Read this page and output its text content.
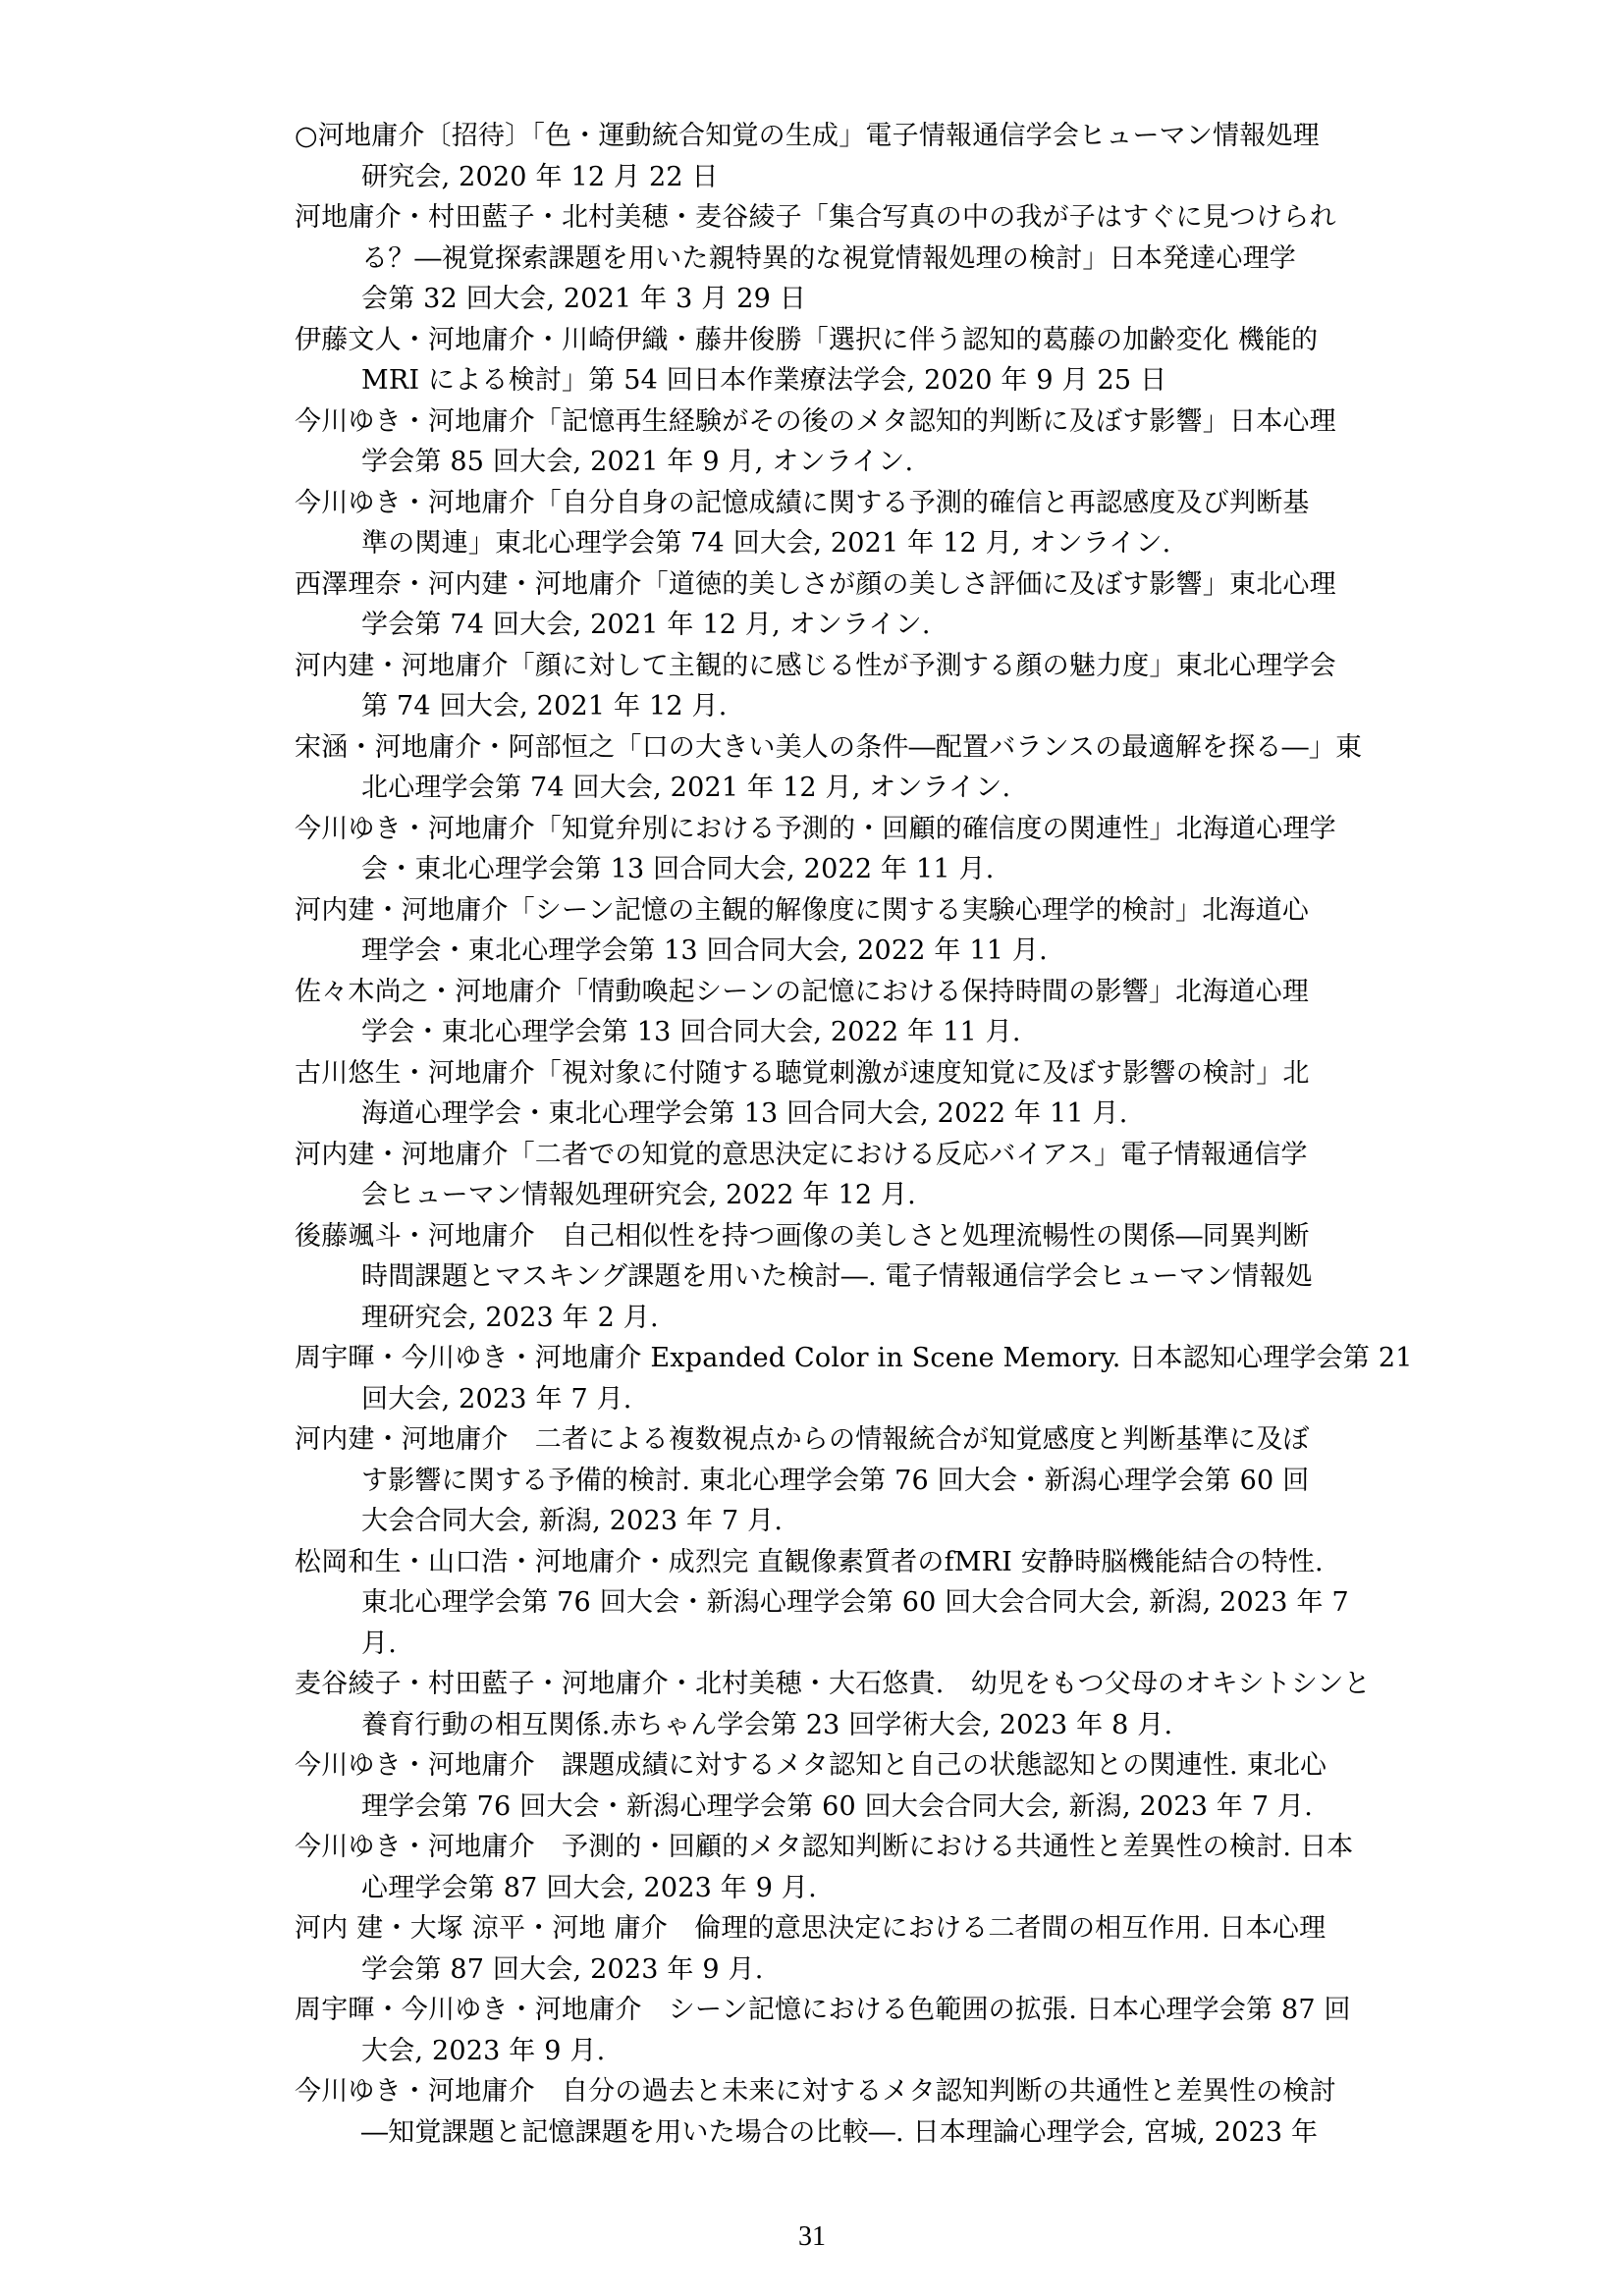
○河地庸介〔招待〕「色・運動統合知覚の生成」電子情報通信学会ヒューマン情報処理
研究会, 2020 年 12 月 22 日
河地庸介・村田藍子・北村美穂・麦谷綾子「集合写真の中の我が子はすぐに見つけられ
る？―視覚探索課題を用いた親特異的な視覚情報処理の検討」日本発達心理学
会第 32 回大会, 2021 年 3 月 29 日
伊藤文人・河地庸介・川崎伊織・藤井俊勝「選択に伴う認知的葛藤の加齢変化 機能的
MRI による検討」第 54 回日本作業療法学会, 2020 年 9 月 25 日
今川ゆき・河地庸介「記憶再生経験がその後のメタ認知的判断に及ぼす影響」日本心理
学会第 85 回大会, 2021 年 9 月, オンライン.
今川ゆき・河地庸介「自分自身の記憶成績に関する予測的確信と再認感度及び判断基
準の関連」東北心理学会第 74 回大会, 2021 年 12 月, オンライン.
西澤理奈・河内建・河地庸介「道徳的美しさが顔の美しさ評価に及ぼす影響」東北心理
学会第 74 回大会, 2021 年 12 月, オンライン.
河内建・河地庸介「顔に対して主観的に感じる性が予測する顔の魅力度」東北心理学会
第 74 回大会, 2021 年 12 月.
宋涵・河地庸介・阿部恒之「口の大きい美人の条件―配置バランスの最適解を探る―」東
北心理学会第 74 回大会, 2021 年 12 月, オンライン.
今川ゆき・河地庸介「知覚弁別における予測的・回顧的確信度の関連性」北海道心理学
会・東北心理学会第 13 回合同大会, 2022 年 11 月.
河内建・河地庸介「シーン記憶の主観的解像度に関する実験心理学的検討」北海道心
理学会・東北心理学会第 13 回合同大会, 2022 年 11 月.
佐々木尚之・河地庸介「情動喚起シーンの記憶における保持時間の影響」北海道心理
学会・東北心理学会第 13 回合同大会, 2022 年 11 月.
古川悠生・河地庸介「視対象に付随する聴覚刺激が速度知覚に及ぼす影響の検討」北
海道心理学会・東北心理学会第 13 回合同大会, 2022 年 11 月.
河内建・河地庸介「二者での知覚的意思決定における反応バイアス」電子情報通信学
会ヒューマン情報処理研究会, 2022 年 12 月.
後藤颯斗・河地庸介　自己相似性を持つ画像の美しさと処理流暢性の関係―同異判断
時間課題とマスキング課題を用いた検討―. 電子情報通信学会ヒューマン情報処
理研究会, 2023 年 2 月.
周宇暉・今川ゆき・河地庸介 Expanded Color in Scene Memory. 日本認知心理学会第 21
回大会, 2023 年 7 月.
河内建・河地庸介　二者による複数視点からの情報統合が知覚感度と判断基準に及ぼ
す影響に関する予備的検討. 東北心理学会第 76 回大会・新潟心理学会第 60 回
大会合同大会, 新潟, 2023 年 7 月.
松岡和生・山口浩・河地庸介・成烈完 直観像素質者のfMRI 安静時脳機能結合の特性.
東北心理学会第 76 回大会・新潟心理学会第 60 回大会合同大会, 新潟, 2023 年 7
月.
麦谷綾子・村田藍子・河地庸介・北村美穂・大石悠貴.　幼児をもつ父母のオキシトシンと
養育行動の相互関係.赤ちゃん学会第 23 回学術大会, 2023 年 8 月.
今川ゆき・河地庸介　課題成績に対するメタ認知と自己の状態認知との関連性. 東北心
理学会第 76 回大会・新潟心理学会第 60 回大会合同大会, 新潟, 2023 年 7 月.
今川ゆき・河地庸介　予測的・回顧的メタ認知判断における共通性と差異性の検討. 日本
心理学会第 87 回大会, 2023 年 9 月.
河内 建・大塚 涼平・河地 庸介　倫理的意思決定における二者間の相互作用. 日本心理
学会第 87 回大会, 2023 年 9 月.
周宇暉・今川ゆき・河地庸介　シーン記憶における色範囲の拡張. 日本心理学会第 87 回
大会, 2023 年 9 月.
今川ゆき・河地庸介　自分の過去と未来に対するメタ認知判断の共通性と差異性の検討
―知覚課題と記憶課題を用いた場合の比較―. 日本理論心理学会, 宮城, 2023 年
31
